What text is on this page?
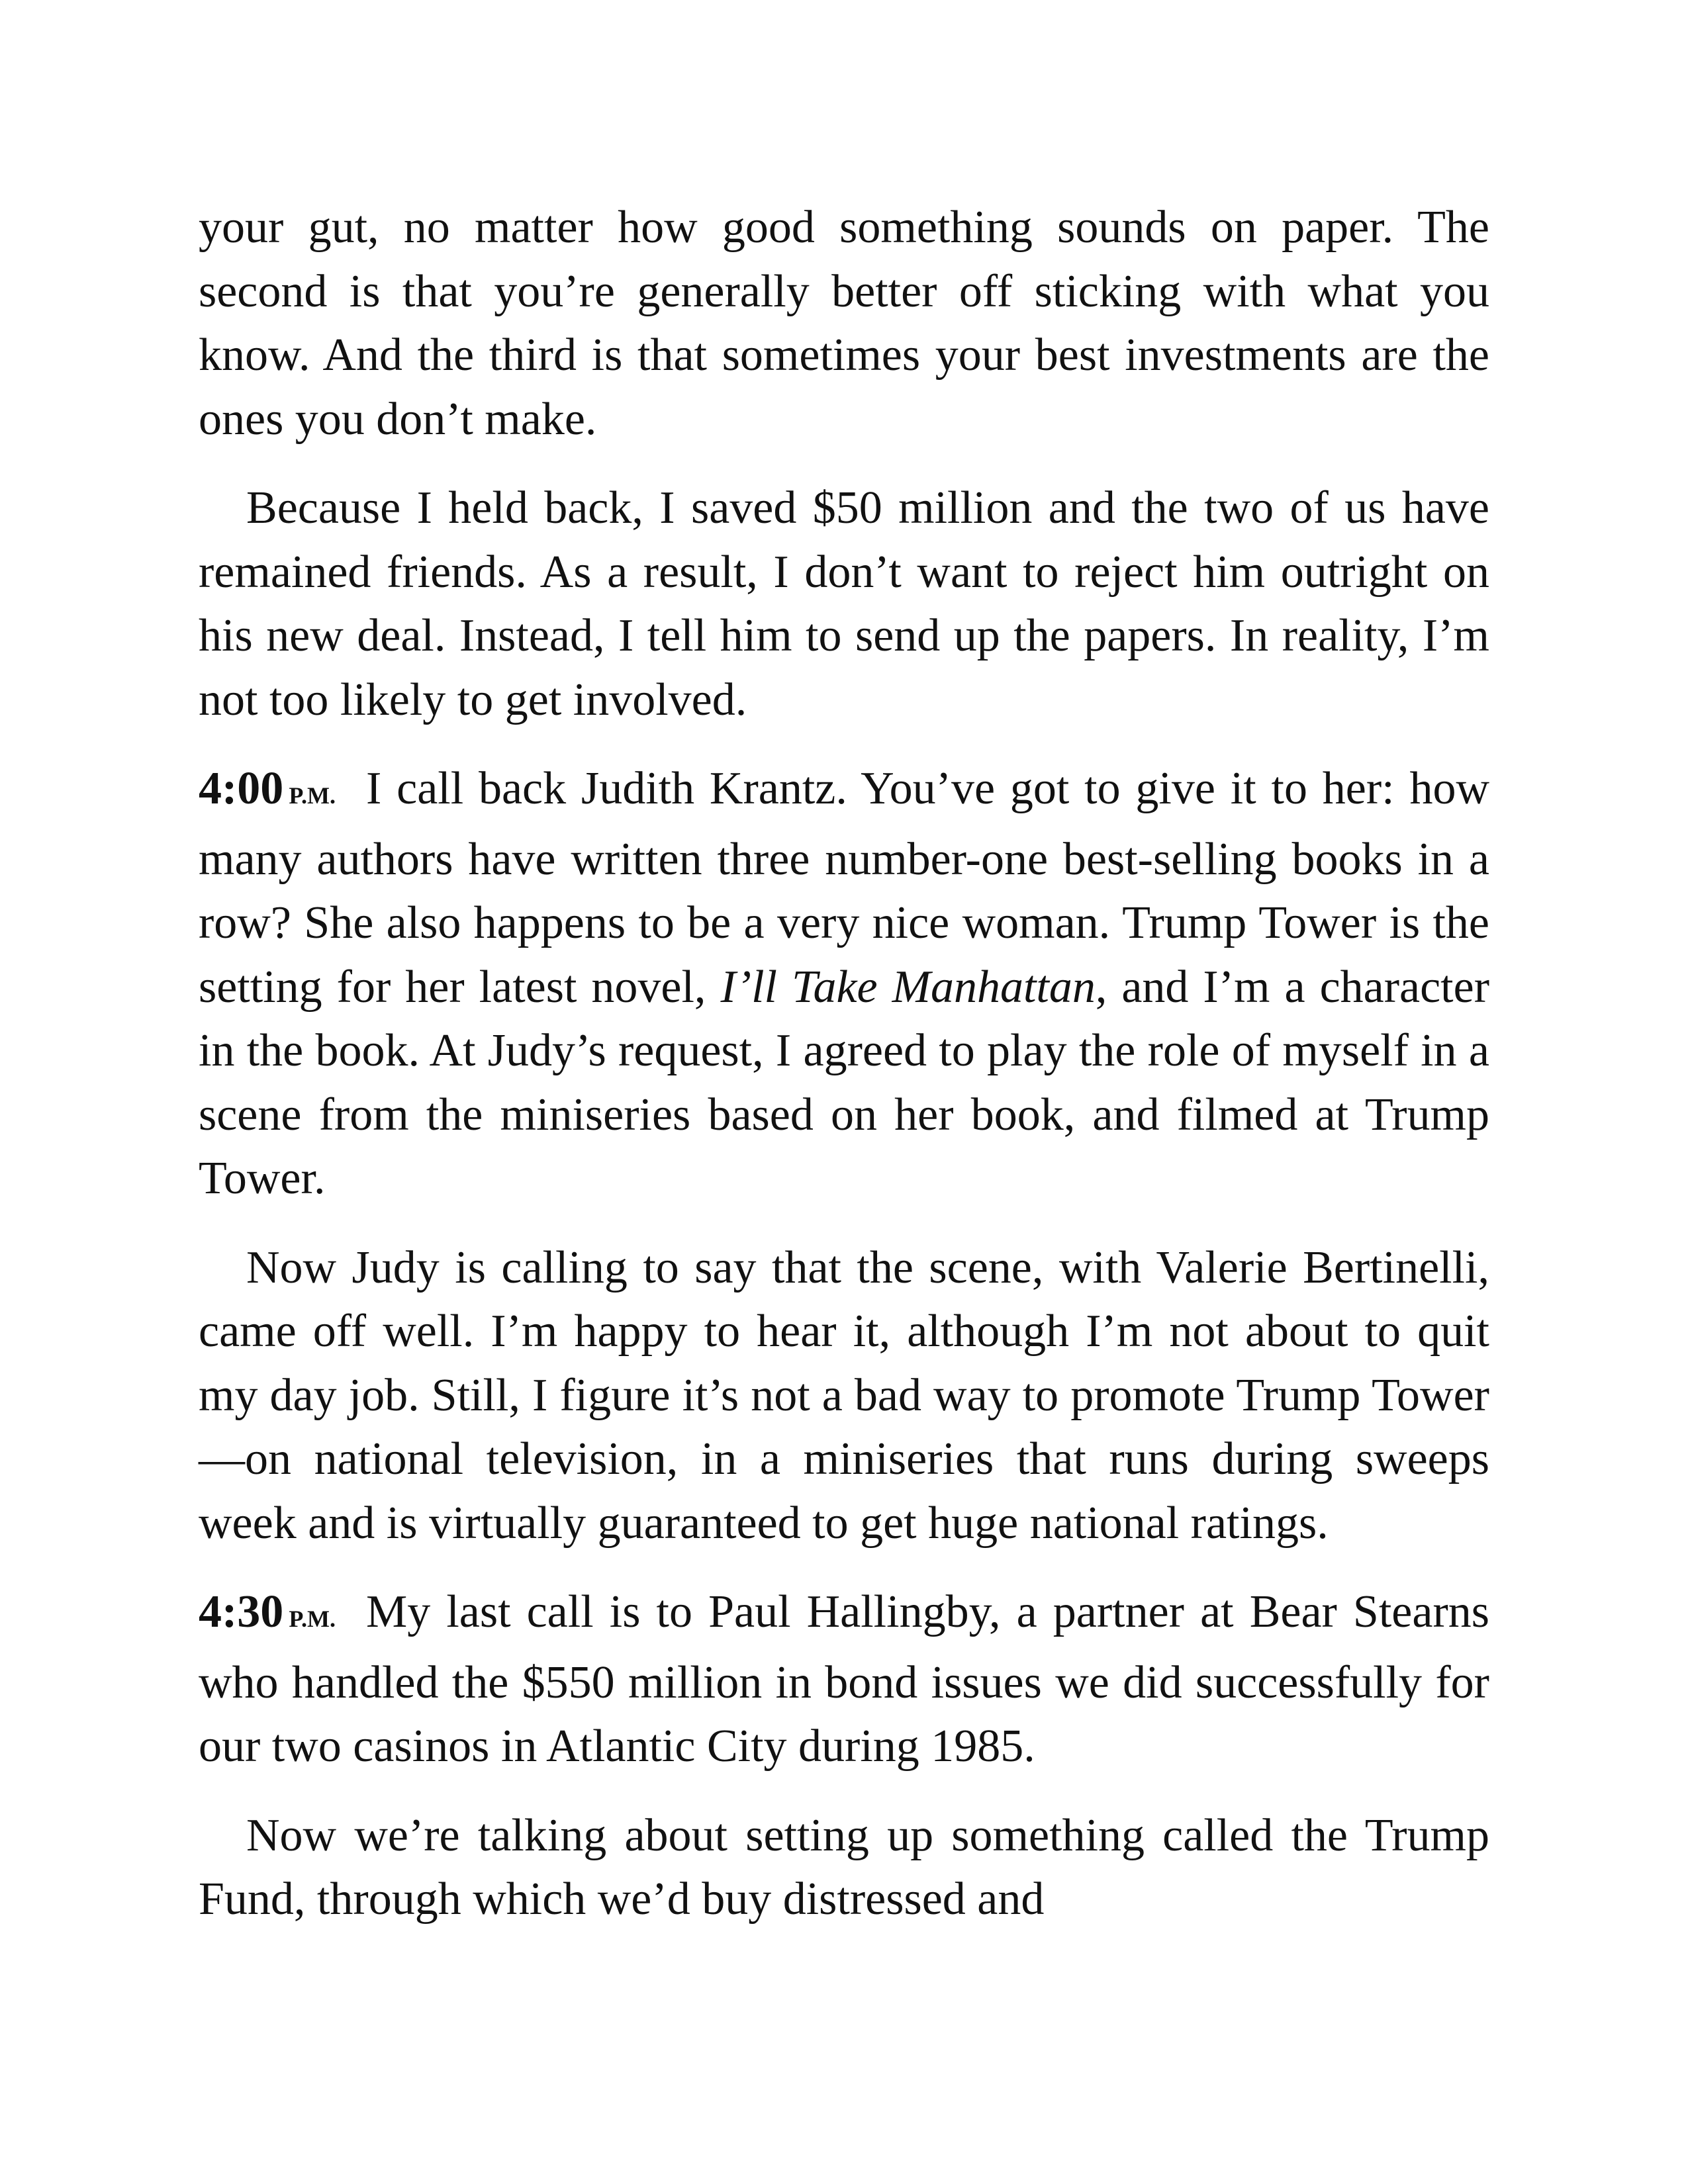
your gut, no matter how good something sounds on paper. The second is that you’re generally better off sticking with what you know. And the third is that sometimes your best investments are the ones you don’t make.

Because I held back, I saved $50 million and the two of us have remained friends. As a result, I don’t want to reject him outright on his new deal. Instead, I tell him to send up the papers. In reality, I’m not too likely to get involved.

4:00 P.M. I call back Judith Krantz. You’ve got to give it to her: how many authors have written three number-one best-selling books in a row? She also happens to be a very nice woman. Trump Tower is the setting for her latest novel, I’ll Take Manhattan, and I’m a character in the book. At Judy’s request, I agreed to play the role of myself in a scene from the miniseries based on her book, and filmed at Trump Tower.

Now Judy is calling to say that the scene, with Valerie Bertinelli, came off well. I’m happy to hear it, although I’m not about to quit my day job. Still, I figure it’s not a bad way to promote Trump Tower—on national television, in a miniseries that runs during sweeps week and is virtually guaranteed to get huge national ratings.

4:30 P.M. My last call is to Paul Hallingby, a partner at Bear Stearns who handled the $550 million in bond issues we did successfully for our two casinos in Atlantic City during 1985.

Now we’re talking about setting up something called the Trump Fund, through which we’d buy distressed and
